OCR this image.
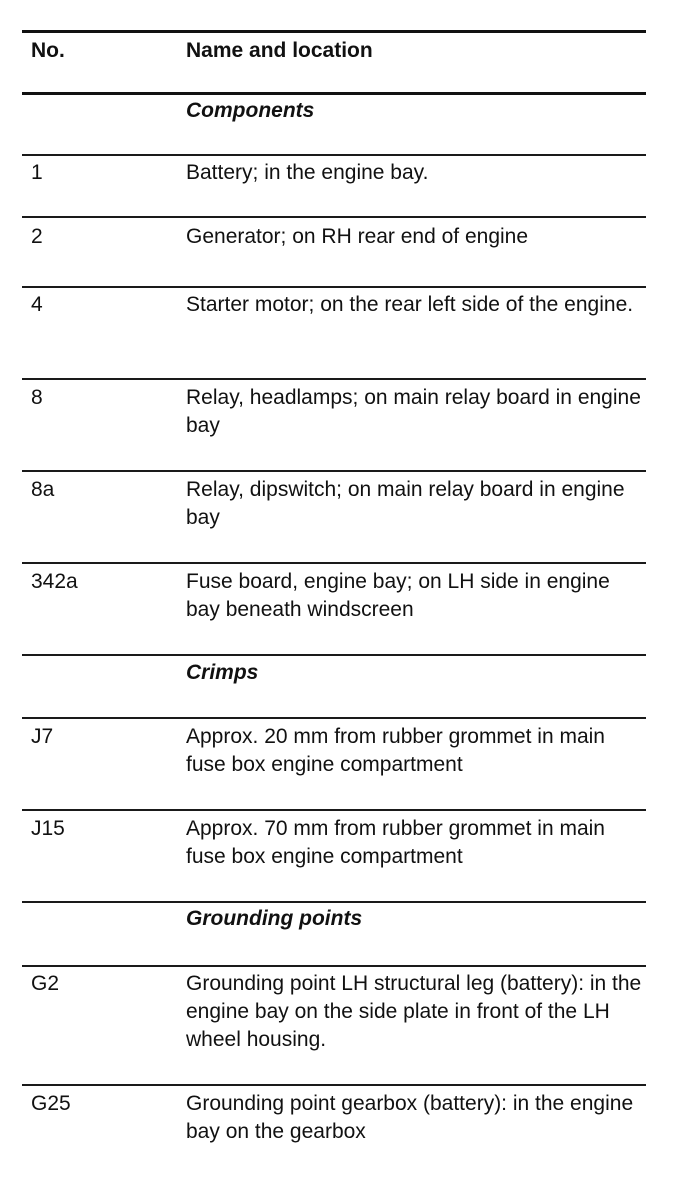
No.	Name and location
Components
1	Battery; in the engine bay.
2	Generator; on RH rear end of engine
4	Starter motor; on the rear left side of the engine.
8	Relay, headlamps; on main relay board in engine bay
8a	Relay, dipswitch; on main relay board in engine bay
342a	Fuse board, engine bay; on LH side in engine bay beneath windscreen
Crimps
J7	Approx. 20 mm from rubber grommet in main fuse box engine compartment
J15	Approx. 70 mm from rubber grommet in main fuse box engine compartment
Grounding points
G2	Grounding point LH structural leg (battery): in the engine bay on the side plate in front of the LH wheel housing.
G25	Grounding point gearbox (battery): in the engine bay on the gearbox
